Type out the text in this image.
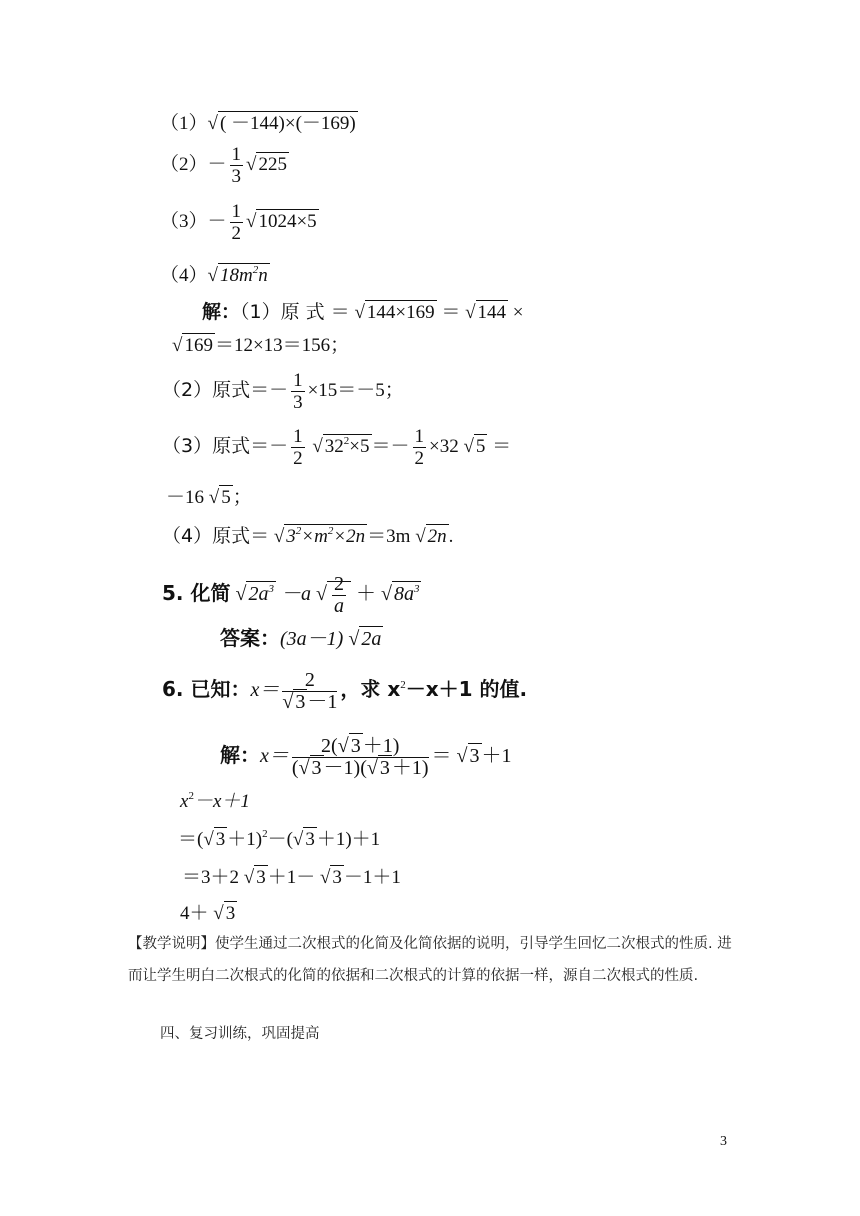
（1）√ ( －144)×(－169)
$(2)- \frac{1}{3}$ √ 225
$(3)- \frac{1}{2}$ √ 1024×5
（4）√ $18m^2n$
解：（1）原 式 ＝ √ 144×169 ＝ √ 144 ×
√ 169 ＝12×13＝156；
（2）原式＝－ $\frac{1}{3} \times 15=-5$；
（3）原式＝－ $\frac{1}{2}$ √ $32^2\times 5 =- \frac{1}{2} \times 32$ √ 5 ＝
－16 √ 5 ；
（4）原式＝ √ $3^2\times m^2\times 2n =3m$ √ 2n .
5. 化简 √ $2a^3 -a$ √ $\frac{2}{a}$ ＋ √ $8a^3$
答案：(3a－1) √ 2a
6. 已知：$x= \frac{2}{√ 3 -1}$ ，求 $x^2-x+1$ 的值.
解：$x= \frac{2(√ 3 +1)}{(√ 3 -1)(√ 3 +1)}$ ＝ √ 3 ＋1
$x^2-x+1$
＝(√ 3 ＋1)$^2$－(√ 3 ＋1)＋1
＝3＋2 √ 3 ＋1－ √ 3 －1＋1
4＋ √ 3
【教学说明】使学生通过二次根式的化简及化简依据的说明，引导学生回忆二次根式的性质. 进而让学生明白二次根式的化简的依据和二次根式的计算的依据一样，源自二次根式的性质.
四、复习训练，巩固提高
3
